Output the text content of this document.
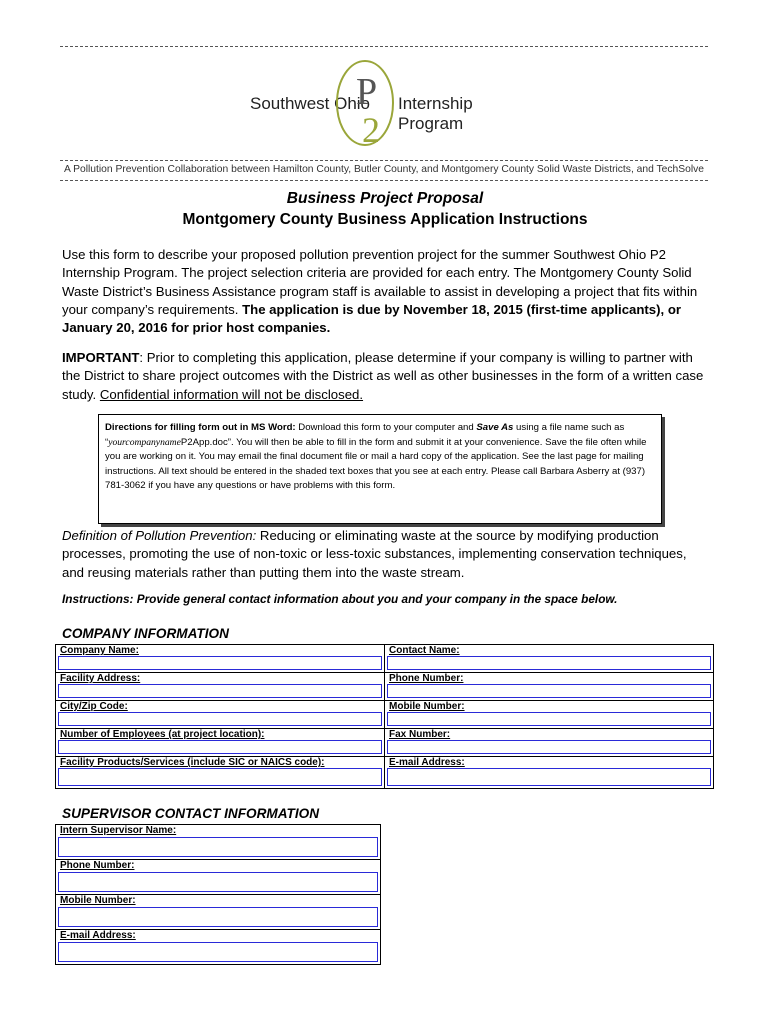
Southwest Ohio
P
2
Internship Program
A Pollution Prevention Collaboration between Hamilton County, Butler County, and Montgomery County Solid Waste Districts, and TechSolve
Business Project Proposal
Montgomery County Business Application Instructions
Use this form to describe your proposed pollution prevention project for the summer Southwest Ohio P2 Internship Program. The project selection criteria are provided for each entry. The Montgomery County Solid Waste District’s Business Assistance program staff is available to assist in developing a project that fits within your company’s requirements. The application is due by November 18, 2015 (first-time applicants), or January 20, 2016 for prior host companies.
IMPORTANT: Prior to completing this application, please determine if your company is willing to partner with the District to share project outcomes with the District as well as other businesses in the form of a written case study. Confidential information will not be disclosed.
Directions for filling form out in MS Word: Download this form to your computer and Save As using a file name such as “yourcompanynameP2App.doc”. You will then be able to fill in the form and submit it at your convenience. Save the file often while you are working on it. You may email the final document file or mail a hard copy of the application. See the last page for mailing instructions. All text should be entered in the shaded text boxes that you see at each entry. Please call Barbara Asberry at (937) 781-3062 if you have any questions or have problems with this form.
Definition of Pollution Prevention: Reducing or eliminating waste at the source by modifying production processes, promoting the use of non-toxic or less-toxic substances, implementing conservation techniques, and reusing materials rather than putting them into the waste stream.
Instructions: Provide general contact information about you and your company in the space below.
COMPANY INFORMATION
Company Name:	Contact Name:
Facility Address:	Phone Number:
City/Zip Code:	Mobile Number:
Number of Employees (at project location):	Fax Number:
Facility Products/Services (include SIC or NAICS code):	E-mail Address:
SUPERVISOR CONTACT INFORMATION
Intern Supervisor Name:
Phone Number:
Mobile Number:
E-mail Address:
